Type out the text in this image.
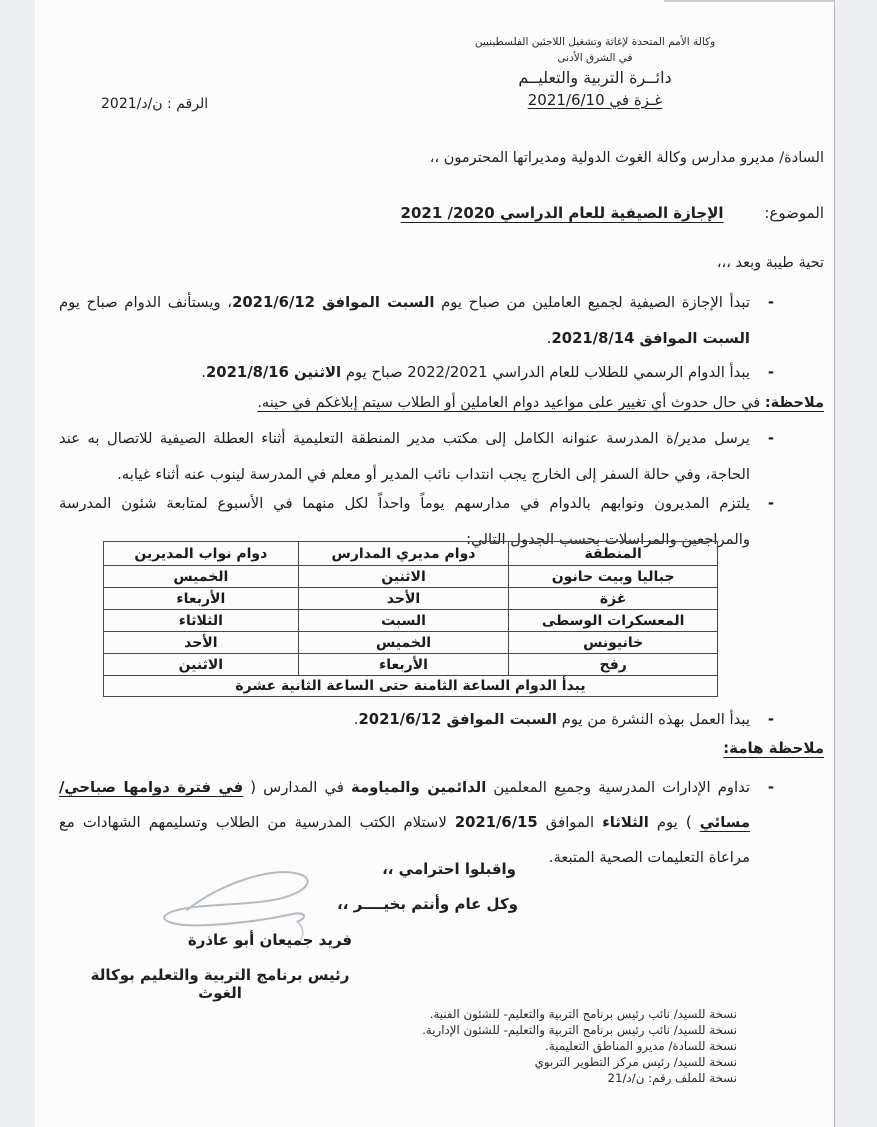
وكالة الأمم المتحدة لإغاثة وتشغيل اللاجئين الفلسطينيين
في الشرق الأدنى
دائــرة التربية والتعليــم
غـزة في 2021/6/10
الرقم : ن/د/2021
السادة/ مديرو مدارس وكالة الغوث الدولية ومديراتها المحترمون ،،
الموضوع: الإجازة الصيفية للعام الدراسي 2020/ 2021
تحية طيبة وبعد ،،،
-
تبدأ الإجازة الصيفية لجميع العاملين من صباح يوم السبت الموافق 2021/6/12، ويستأنف الدوام صباح يوم السبت الموافق 2021/8/14.
-
يبدأ الدوام الرسمي للطلاب للعام الدراسي 2022/2021 صباح يوم الاثنين 2021/8/16.
ملاحظة: في حال حدوث أي تغيير على مواعيد دوام العاملين أو الطلاب سيتم إبلاغكم في حينه.
-
يرسل مدير/ة المدرسة عنوانه الكامل إلى مكتب مدير المنطقة التعليمية أثناء العطلة الصيفية للاتصال به عند الحاجة، وفي حالة السفر إلى الخارج يجب انتداب نائب المدير أو معلم في المدرسة لينوب عنه أثناء غيابه.
-
يلتزم المديرون ونوابهم بالدوام في مدارسهم يوماً واحداً لكل منهما في الأسبوع لمتابعة شئون المدرسة والمراجعين والمراسلات بحسب الجدول التالي:
المنطقة	دوام مديري المدارس	دوام نواب المديرين
جباليا وبيت حانون	الاثنين	الخميس
غزة	الأحد	الأربعاء
المعسكرات الوسطى	السبت	الثلاثاء
خانيونس	الخميس	الأحد
رفح	الأربعاء	الاثنين
يبدأ الدوام الساعة الثامنة حتى الساعة الثانية عشرة		
-
يبدأ العمل بهذه النشرة من يوم السبت الموافق 2021/6/12.
ملاحظة هامة:
-
تداوم الإدارات المدرسية وجميع المعلمين الدائمين والمياومة في المدارس ( في فترة دوامها صباحي/ مسائي ) يوم الثلاثاء الموافق 2021/6/15 لاستلام الكتب المدرسية من الطلاب وتسليمهم الشهادات مع مراعاة التعليمات الصحية المتبعة.
واقبلوا احترامي ،،
وكل عام وأنتم بخيــــر ،،
فريد جميعان أبو عاذرة
رئيس برنامج التربية والتعليم بوكالة الغوث
نسخة للسيد/ نائب رئيس برنامج التربية والتعليم- للشئون الفنية.
نسخة للسيد/ نائب رئيس برنامج التربية والتعليم- للشئون الإدارية.
نسخة للسادة/ مديرو المناطق التعليمية.
نسخة للسيد/ رئيس مركز التطوير التربوي
نسخة للملف رقم: ن/د/21
